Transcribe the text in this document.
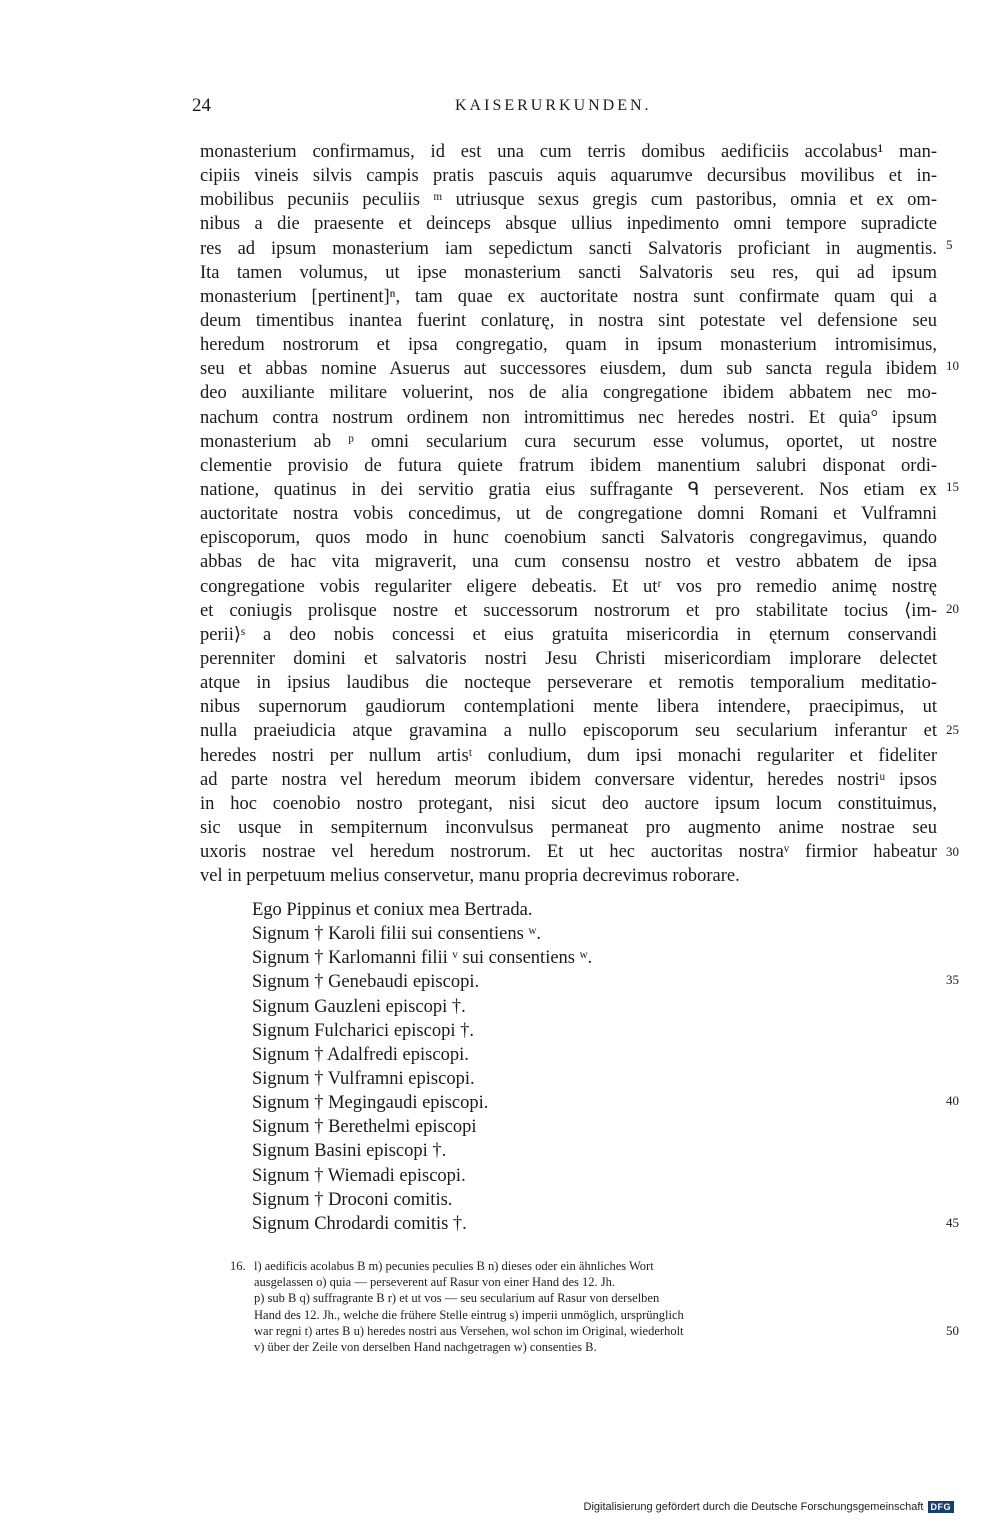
24	KAISERURKUNDEN.
monasterium confirmamus, id est una cum terris domibus aedificiis accolabus¹ man-
cipiis vineis silvis campis pratis pascuis aquis aquarumve decursibus movilibus et in-
mobilibus pecuniis peculiis ᵐ utriusque sexus gregis cum pastoribus, omnia et ex om-
nibus a die praesente et deinceps absque ullius inpedimento omni tempore supradicte
res ad ipsum monasterium iam sepedictum sancti Salvatoris proficiant in augmentis.
Ita tamen volumus, ut ipse monasterium sancti Salvatoris seu res, qui ad ipsum
monasterium [pertinent]ⁿ, tam quae ex auctoritate nostra sunt confirmate quam qui a
deum timentibus inantea fuerint conlaturę, in nostra sint potestate vel defensione seu
heredum nostrorum et ipsa congregatio, quam in ipsum monasterium intromisimus,
seu et abbas nomine Asuerus aut successores eiusdem, dum sub sancta regula ibidem
deo auxiliante militare voluerint, nos de alia congregatione ibidem abbatem nec mo-
nachum contra nostrum ordinem non intromittimus nec heredes nostri. Et quia° ipsum
monasterium ab ᵖ omni secularium cura securum esse volumus, oportet, ut nostre
clementie provisio de futura quiete fratrum ibidem manentium salubri disponat ordi-
natione, quatinus in dei servitio gratia eius suffragante ᑫ perseverent. Nos etiam ex
auctoritate nostra vobis concedimus, ut de congregatione domni Romani et Vulframni
episcoporum, quos modo in hunc coenobium sancti Salvatoris congregavimus, quando
abbas de hac vita migraverit, una cum consensu nostro et vestro abbatem de ipsa
congregatione vobis regulariter eligere debeatis. Et utʳ vos pro remedio animę nostrę
et coniugis prolisque nostre et successorum nostrorum et pro stabilitate tocius ⟨im-
perii⟩ˢ a deo nobis concessi et eius gratuita misericordia in ęternum conservandi
perenniter domini et salvatoris nostri Jesu Christi misericordiam implorare delectet
atque in ipsius laudibus die nocteque perseverare et remotis temporalium meditatio-
nibus supernorum gaudiorum contemplationi mente libera intendere, praecipimus, ut
nulla praeiudicia atque gravamina a nullo episcoporum seu secularium inferantur et
heredes nostri per nullum artisᵗ conludium, dum ipsi monachi regulariter et fideliter
ad parte nostra vel heredum meorum ibidem conversare videntur, heredes nostriᵘ ipsos
in hoc coenobio nostro protegant, nisi sicut deo auctore ipsum locum constituimus,
sic usque in sempiternum inconvulsus permaneat pro augmento anime nostrae seu
uxoris nostrae vel heredum nostrorum. Et ut hec auctoritas nostraᵛ firmior habeatur
vel in perpetuum melius conservetur, manu propria decrevimus roborare.
Ego Pippinus et coniux mea Bertrada.
Signum † Karoli filii sui consentiens ʷ.
Signum † Karlomanni filii ᵛ sui consentiens ʷ.
Signum † Genebaudi episcopi.
Signum Gauzleni episcopi †.
Signum Fulcharici episcopi †.
Signum † Adalfredi episcopi.
Signum † Vulframni episcopi.
Signum † Megingaudi episcopi.
Signum † Berethelmi episcopi
Signum Basini episcopi †.
Signum † Wiemadi episcopi.
Signum † Droconi comitis.
Signum Chrodardi comitis †.
5
10
15
20
25
30
35
40
45
50
16. l) aedificis acolabus B m) pecunies peculies B n) dieses oder ein ähnliches Wort
ausgelassen o) quia — perseverent auf Rasur von einer Hand des 12. Jh.
p) sub B q) suffragrante B r) et ut vos — seu secularium auf Rasur von derselben
Hand des 12. Jh., welche die frühere Stelle eintrug s) imperii unmöglich, ursprünglich
war regni t) artes B u) heredes nostri aus Versehen, wol schon im Original, wiederholt
v) über der Zeile von derselben Hand nachgetragen w) consenties B.
Digitalisierung gefördert durch die Deutsche Forschungsgemeinschaft DFG
